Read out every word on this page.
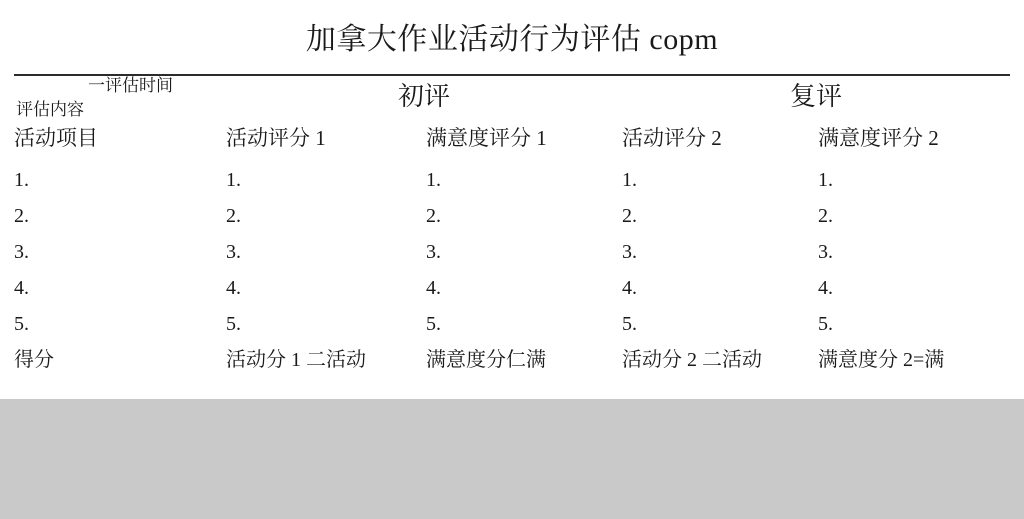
加拿大作业活动行为评估 copm
一评估时间
评估内容	初评		复评	
活动项目	活动评分 1	满意度评分 1	活动评分 2	满意度评分 2
1.	1.	1.	1.	1.
2.	2.	2.	2.	2.
3.	3.	3.	3.	3.
4.	4.	4.	4.	4.
5.	5.	5.	5.	5.
得分	活动分 1 二活动	满意度分仁满	活动分 2 二活动	满意度分 2=满
